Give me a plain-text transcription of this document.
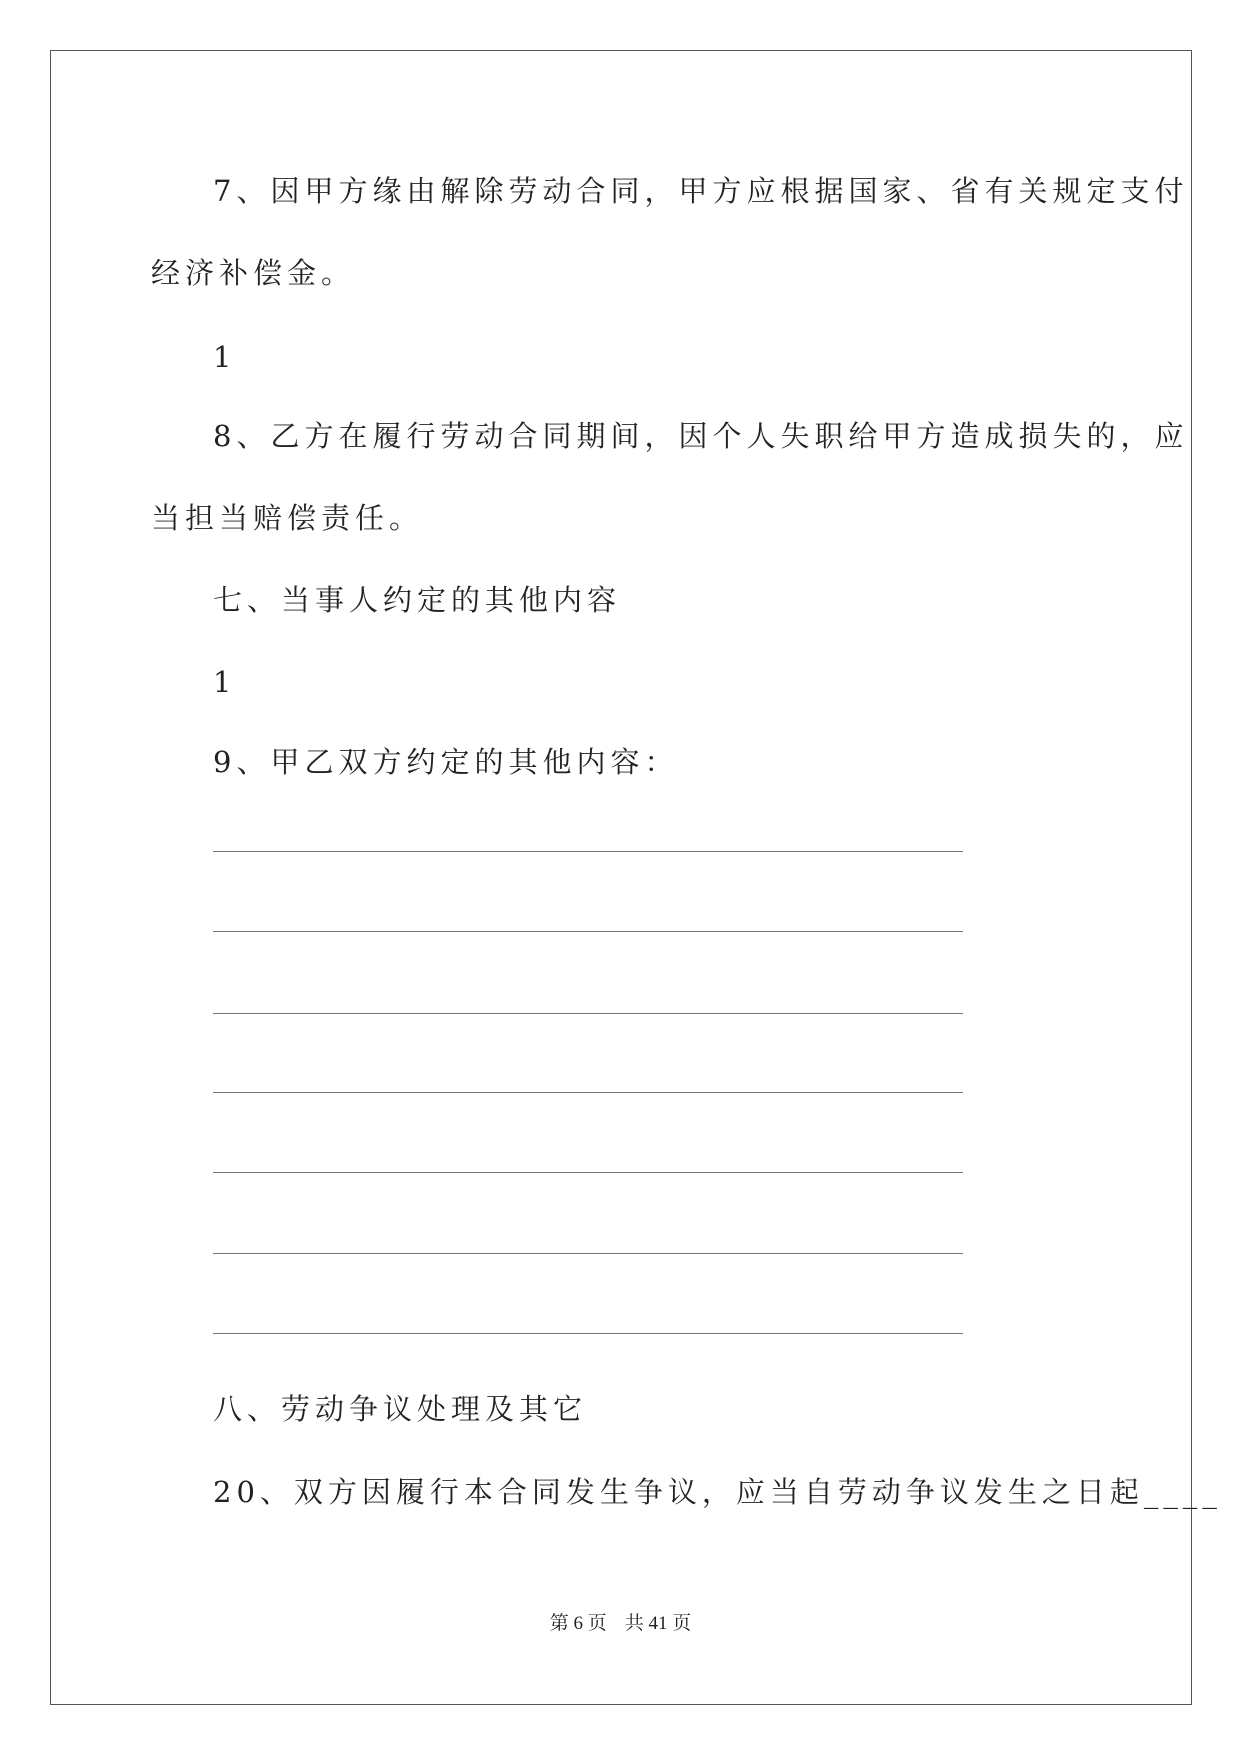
7、因甲方缘由解除劳动合同，甲方应根据国家、省有关规定支付
经济补偿金。
1
8、乙方在履行劳动合同期间，因个人失职给甲方造成损失的，应
当担当赔偿责任。
七、当事人约定的其他内容
1
9、甲乙双方约定的其他内容：
八、劳动争议处理及其它
20、双方因履行本合同发生争议，应当自劳动争议发生之日起____
第 6 页 共 41 页
